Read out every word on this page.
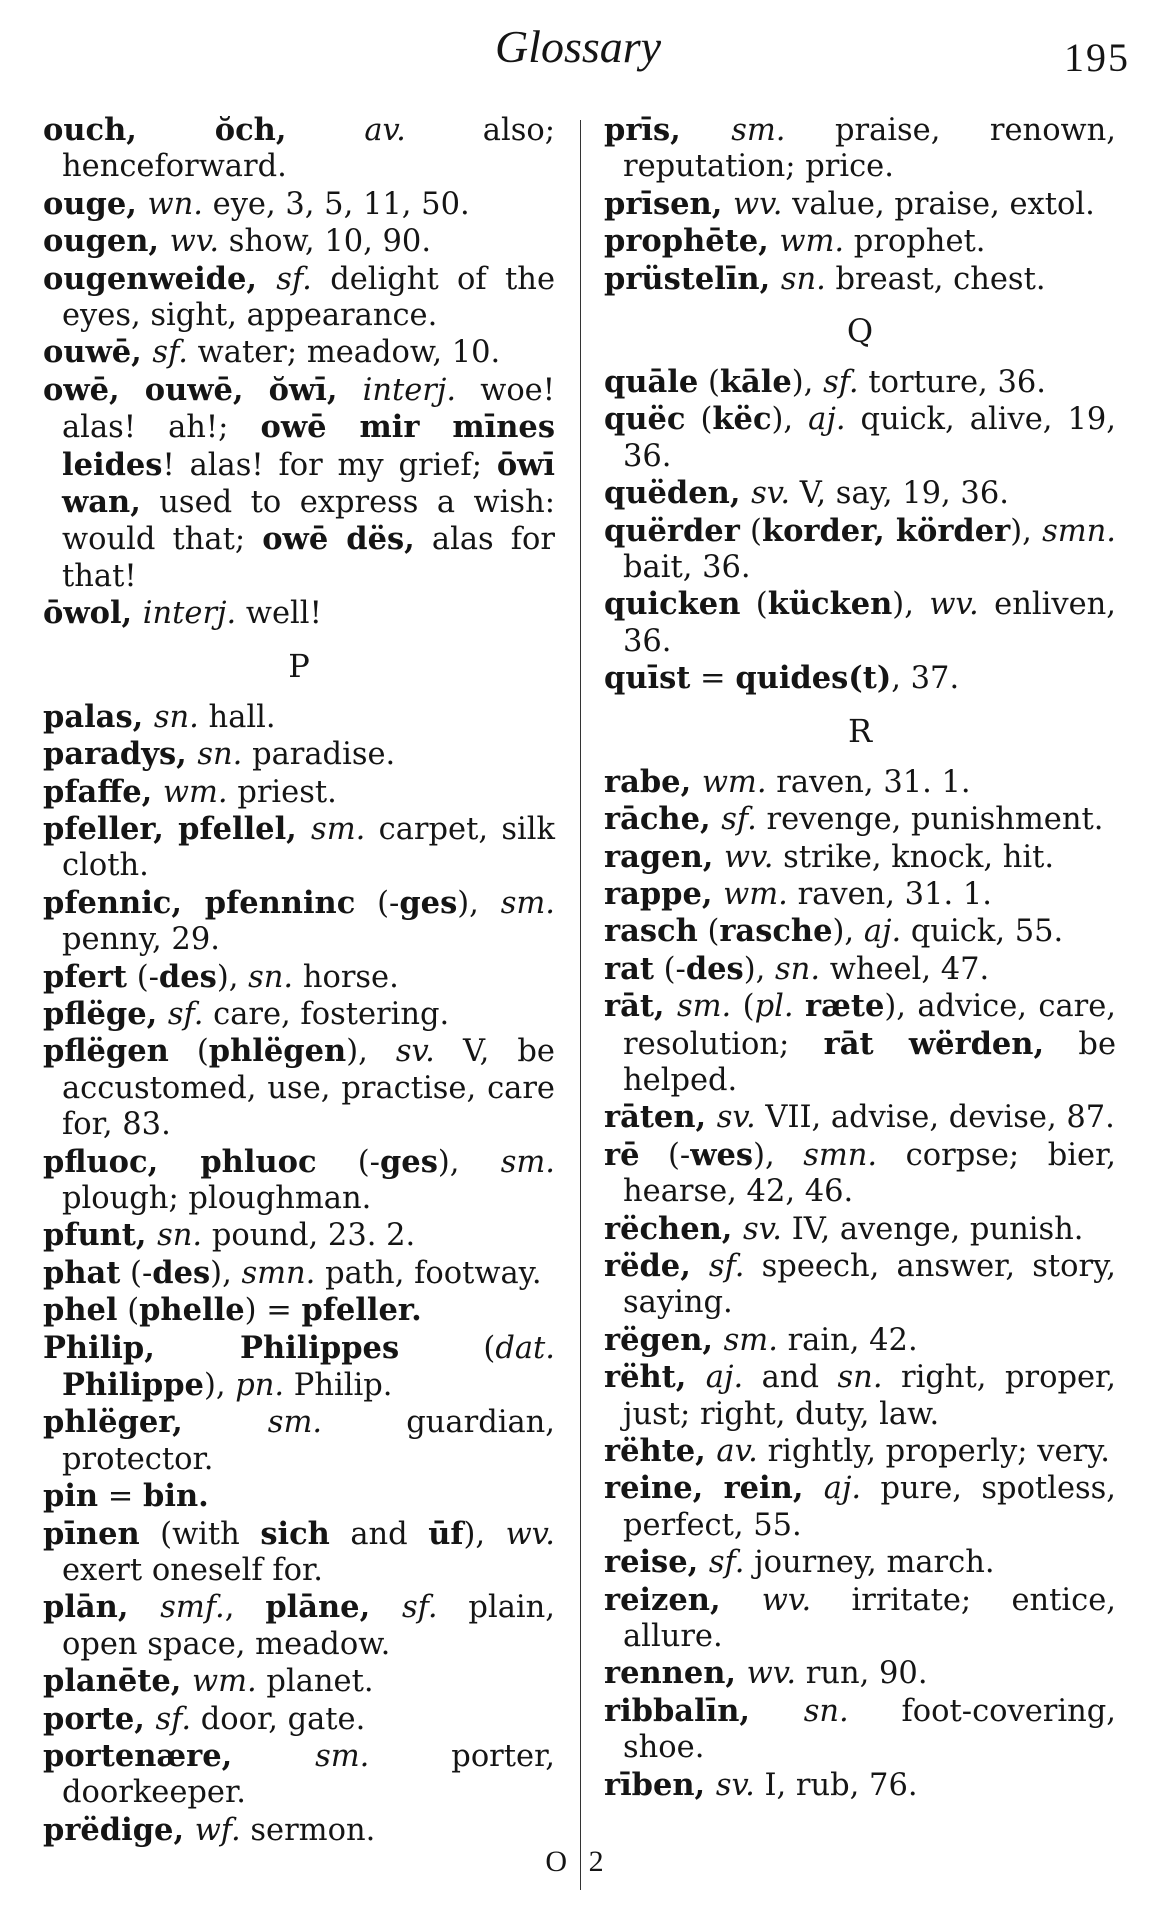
Glossary	195
ouch, ŏch, av. also; henceforward.
ouge, wn. eye, 3, 5, 11, 50.
ougen, wv. show, 10, 90.
ougenweide, sf. delight of the eyes, sight, appearance.
ouwē, sf. water; meadow, 10.
owē, ouwē, ŏwī, interj. woe! alas! ah!; owē mir mīnes leides! alas! for my grief; ōwī wan, used to express a wish: would that; owē dës, alas for that!
ōwol, interj. well!
P
palas, sn. hall.
paradys, sn. paradise.
pfaffe, wm. priest.
pfeller, pfellel, sm. carpet, silk cloth.
pfennic, pfenninc (-ges), sm. penny, 29.
pfert (-des), sn. horse.
pflëge, sf. care, fostering.
pflëgen (phlëgen), sv. V, be accustomed, use, practise, care for, 83.
pfluoc, phluoc (-ges), sm. plough; ploughman.
pfunt, sn. pound, 23. 2.
phat (-des), smn. path, footway.
phel (phelle) = pfeller.
Philip, Philippes (dat. Philippe), pn. Philip.
phlëger, sm. guardian, protector.
pin = bin.
pīnen (with sich and ūf), wv. exert oneself for.
plān, smf., plāne, sf. plain, open space, meadow.
planēte, wm. planet.
porte, sf. door, gate.
portenære, sm. porter, doorkeeper.
prëdige, wf. sermon.
prīs, sm. praise, renown, reputation; price.
prīsen, wv. value, praise, extol.
prophēte, wm. prophet.
prüstelīn, sn. breast, chest.
Q
quāle (kāle), sf. torture, 36.
quëc (këc), aj. quick, alive, 19, 36.
quëden, sv. V, say, 19, 36.
quërder (korder, körder), smn. bait, 36.
quicken (kücken), wv. enliven, 36.
quīst = quides(t), 37.
R
rabe, wm. raven, 31. 1.
rāche, sf. revenge, punishment.
ragen, wv. strike, knock, hit.
rappe, wm. raven, 31. 1.
rasch (rasche), aj. quick, 55.
rat (-des), sn. wheel, 47.
rāt, sm. (pl. ræte), advice, care, resolution; rāt wërden, be helped.
rāten, sv. VII, advise, devise, 87.
rē (-wes), smn. corpse; bier, hearse, 42, 46.
rëchen, sv. IV, avenge, punish.
rëde, sf. speech, answer, story, saying.
rëgen, sm. rain, 42.
rëht, aj. and sn. right, proper, just; right, duty, law.
rëhte, av. rightly, properly; very.
reine, rein, aj. pure, spotless, perfect, 55.
reise, sf. journey, march.
reizen, wv. irritate; entice, allure.
rennen, wv. run, 90.
ribbalīn, sn. foot-covering, shoe.
rīben, sv. I, rub, 76.
O 2
